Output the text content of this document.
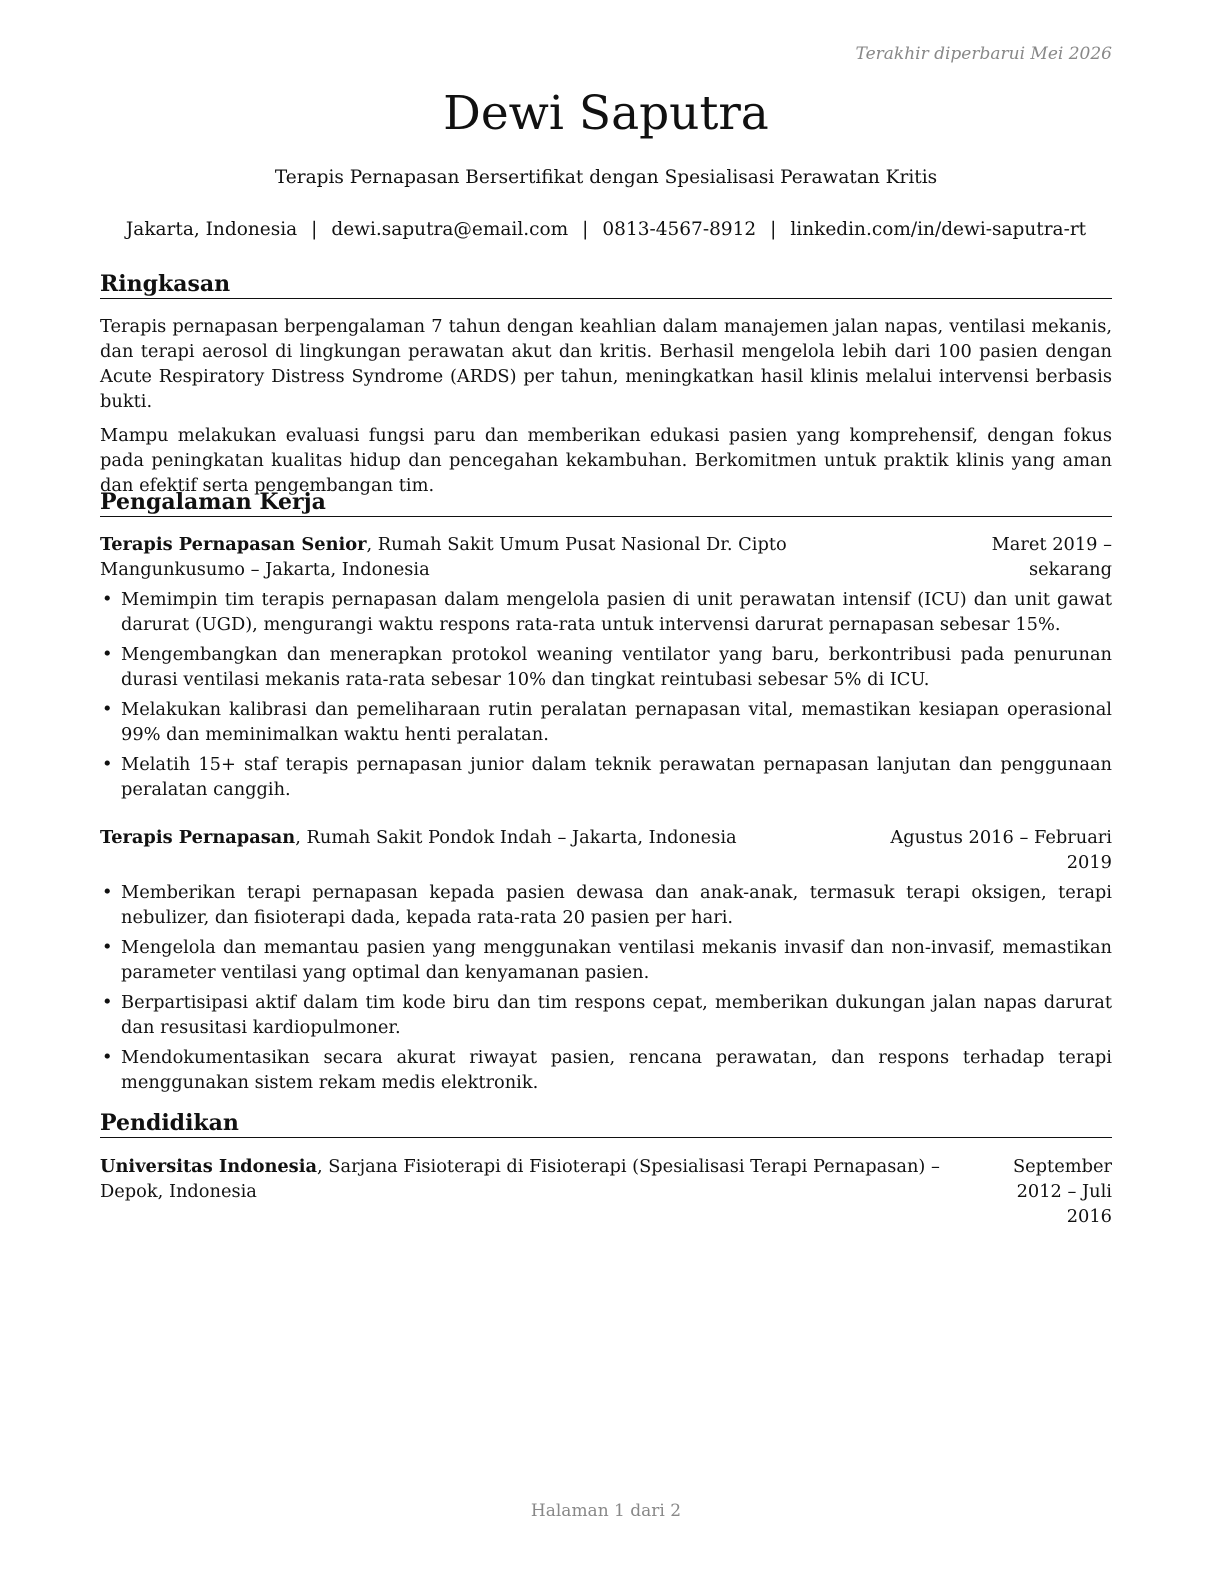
Terakhir diperbarui Mei 2026
Dewi Saputra
Terapis Pernapasan Bersertifikat dengan Spesialisasi Perawatan Kritis
Jakarta, Indonesia | dewi.saputra@email.com | 0813-4567-8912 | linkedin.com/in/dewi-saputra-rt
Ringkasan

Terapis pernapasan berpengalaman 7 tahun dengan keahlian dalam manajemen jalan napas, ventilasi mekanis, dan terapi aerosol di lingkungan perawatan akut dan kritis. Berhasil mengelola lebih dari 100 pasien dengan Acute Respiratory Distress Syndrome (ARDS) per tahun, meningkatkan hasil klinis melalui intervensi berbasis bukti.

Mampu melakukan evaluasi fungsi paru dan memberikan edukasi pasien yang komprehensif, dengan fokus pada peningkatan kualitas hidup dan pencegahan kekambuhan. Berkomitmen untuk praktik klinis yang aman dan efektif serta pengembangan tim.

Pengalaman Kerja
Terapis Pernapasan Senior, Rumah Sakit Umum Pusat Nasional Dr. Cipto Mangunkusumo – Jakarta, Indonesia
Maret 2019 – sekarang
• Memimpin tim terapis pernapasan dalam mengelola pasien di unit perawatan intensif (ICU) dan unit gawat darurat (UGD), mengurangi waktu respons rata-rata untuk intervensi darurat pernapasan sebesar 15%.
• Mengembangkan dan menerapkan protokol weaning ventilator yang baru, berkontribusi pada penurunan durasi ventilasi mekanis rata-rata sebesar 10% dan tingkat reintubasi sebesar 5% di ICU.
• Melakukan kalibrasi dan pemeliharaan rutin peralatan pernapasan vital, memastikan kesiapan operasional 99% dan meminimalkan waktu henti peralatan.
• Melatih 15+ staf terapis pernapasan junior dalam teknik perawatan pernapasan lanjutan dan penggunaan peralatan canggih.
Terapis Pernapasan, Rumah Sakit Pondok Indah – Jakarta, Indonesia	Agustus 2016 – Februari 2019
• Memberikan terapi pernapasan kepada pasien dewasa dan anak-anak, termasuk terapi oksigen, terapi nebulizer, dan fisioterapi dada, kepada rata-rata 20 pasien per hari.
• Mengelola dan memantau pasien yang menggunakan ventilasi mekanis invasif dan non-invasif, memastikan parameter ventilasi yang optimal dan kenyamanan pasien.
• Berpartisipasi aktif dalam tim kode biru dan tim respons cepat, memberikan dukungan jalan napas darurat dan resusitasi kardiopulmoner.
• Mendokumentasikan secara akurat riwayat pasien, rencana perawatan, dan respons terhadap terapi menggunakan sistem rekam medis elektronik.
Pendidikan
Universitas Indonesia, Sarjana Fisioterapi di Fisioterapi (Spesialisasi Terapi Pernapasan) – Depok, Indonesia
September 2012 – Juli 2016
Halaman 1 dari 2
